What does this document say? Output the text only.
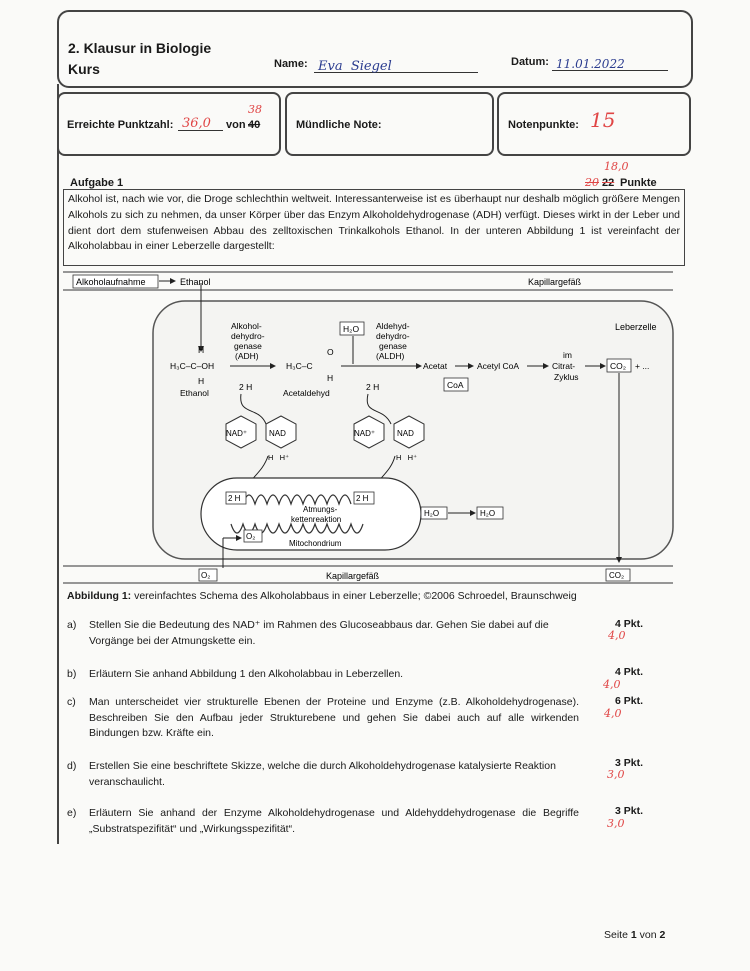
2. Klausur in Biologie
Kurs	Name: Eva  Siegel	Datum: 11.01.2022
Erreichte Punktzahl: 36,0	von 40
38
Mündliche Note:	Notenpunkte: 15
Aufgabe 1
18,0
20 22 Punkte
Alkohol ist, nach wie vor, die Droge schlechthin weltweit. Interessanterweise ist es überhaupt nur deshalb möglich größere Mengen Alkohols zu sich zu nehmen, da unser Körper über das Enzym Alkoholdehydrogenase (ADH) verfügt. Dieses wirkt in der Leber und dient dort dem stufenweisen Abbau des zelltoxischen Trinkalkohols Ethanol. In der unteren Abbildung 1 ist vereinfacht der Alkoholabbau in einer Leberzelle dargestellt:
Alkoholaufnahme	Ethanol	Kapillargefäß
Leberzelle
Alkohol-
dehydro-
genase
(ADH)
H
H₃C–C–OH
H
Ethanol
H₃C–C
O
H
Acetaldehyd
H₂O Aldehyd-
dehydro-
genase
(ALDH)
2 H	2 H
Acetat
CoA
Acetyl CoA
im
Citrat-
Zyklus
CO₂ + ...
NAD⁺	NAD
H   H⁺
NAD⁺	NAD
H   H⁺
2 H	2 H
Atmungs-
kettenreaktion
Mitochondrium
O₂
H₂O	H₂O
O₂	Kapillargefäß	CO₂
Abbildung 1: vereinfachtes Schema des Alkoholabbaus in einer Leberzelle; ©2006 Schroedel, Braunschweig
a) Stellen Sie die Bedeutung des NAD⁺ im Rahmen des Glucoseabbaus dar. Gehen Sie dabei auf die Vorgänge bei der Atmungskette ein.
4 Pkt.
4,0
b) Erläutern Sie anhand Abbildung 1 den Alkoholabbau in Leberzellen.	4 Pkt.
4,0
c) Man unterscheidet vier strukturelle Ebenen der Proteine und Enzyme (z.B. Alkoholdehydrogenase). Beschreiben Sie den Aufbau jeder Strukturebene und gehen Sie dabei auch auf alle wirkenden Bindungen bzw. Kräfte ein.
6 Pkt.
4,0
d) Erstellen Sie eine beschriftete Skizze, welche die durch Alkoholdehydrogenase katalysierte Reaktion veranschaulicht.
3 Pkt.
3,0
e) Erläutern Sie anhand der Enzyme Alkoholdehydrogenase und Aldehyddehydrogenase die Begriffe „Substratspezifität“ und „Wirkungsspezifität“.
3 Pkt.
3,0
Seite 1 von 2
